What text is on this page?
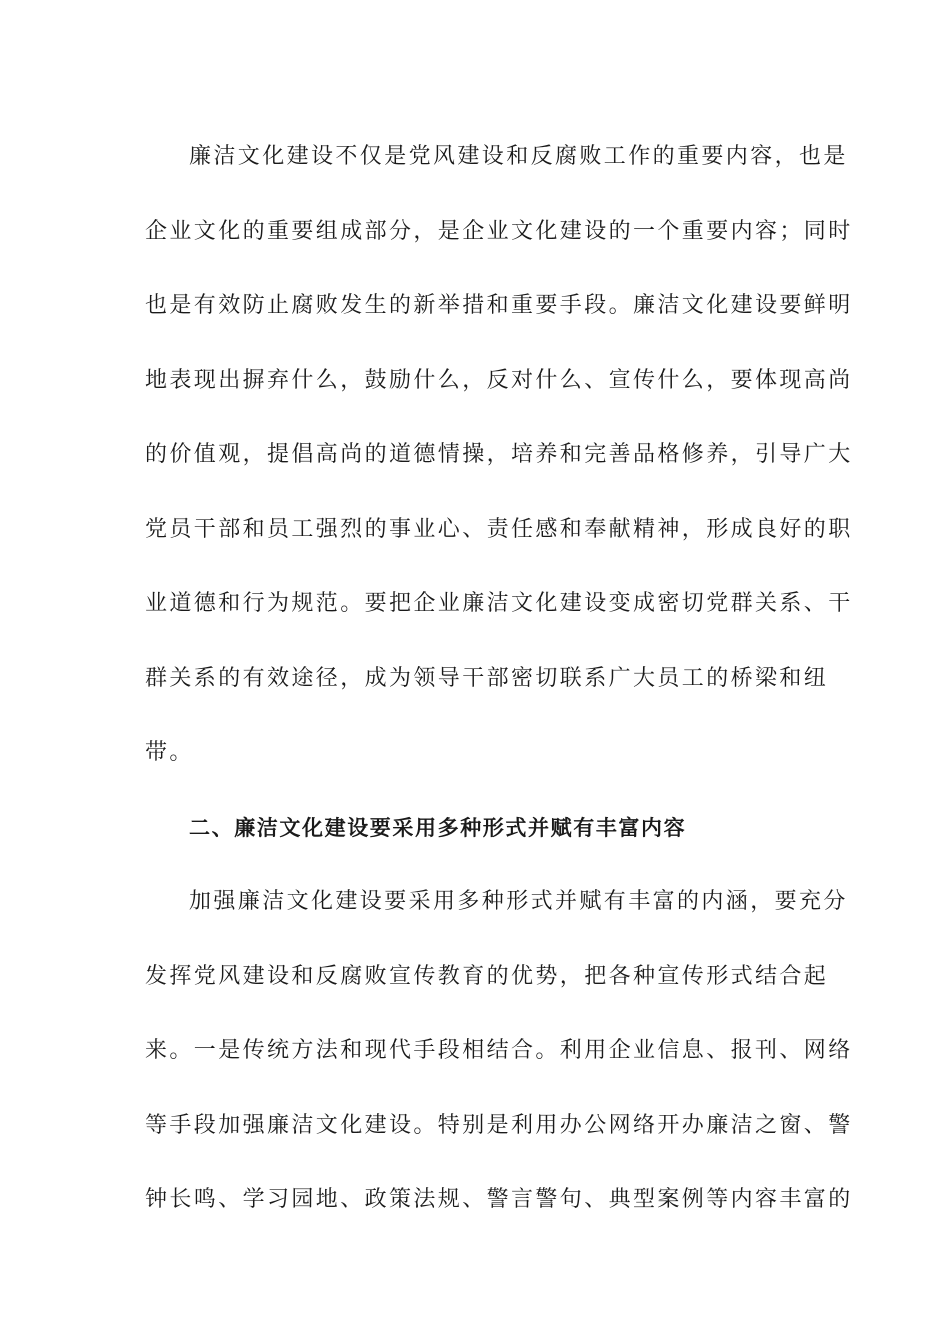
廉洁文化建设不仅是党风建设和反腐败工作的重要内容，也是
企业文化的重要组成部分，是企业文化建设的一个重要内容；同时
也是有效防止腐败发生的新举措和重要手段。廉洁文化建设要鲜明
地表现出摒弃什么，鼓励什么，反对什么、宣传什么，要体现高尚
的价值观，提倡高尚的道德情操，培养和完善品格修养，引导广大
党员干部和员工强烈的事业心、责任感和奉献精神，形成良好的职
业道德和行为规范。要把企业廉洁文化建设变成密切党群关系、干
群关系的有效途径，成为领导干部密切联系广大员工的桥梁和纽
带。
二、廉洁文化建设要采用多种形式并赋有丰富内容
加强廉洁文化建设要采用多种形式并赋有丰富的内涵，要充分
发挥党风建设和反腐败宣传教育的优势，把各种宣传形式结合起
来。一是传统方法和现代手段相结合。利用企业信息、报刊、网络
等手段加强廉洁文化建设。特别是利用办公网络开办廉洁之窗、警
钟长鸣、学习园地、政策法规、警言警句、典型案例等内容丰富的
